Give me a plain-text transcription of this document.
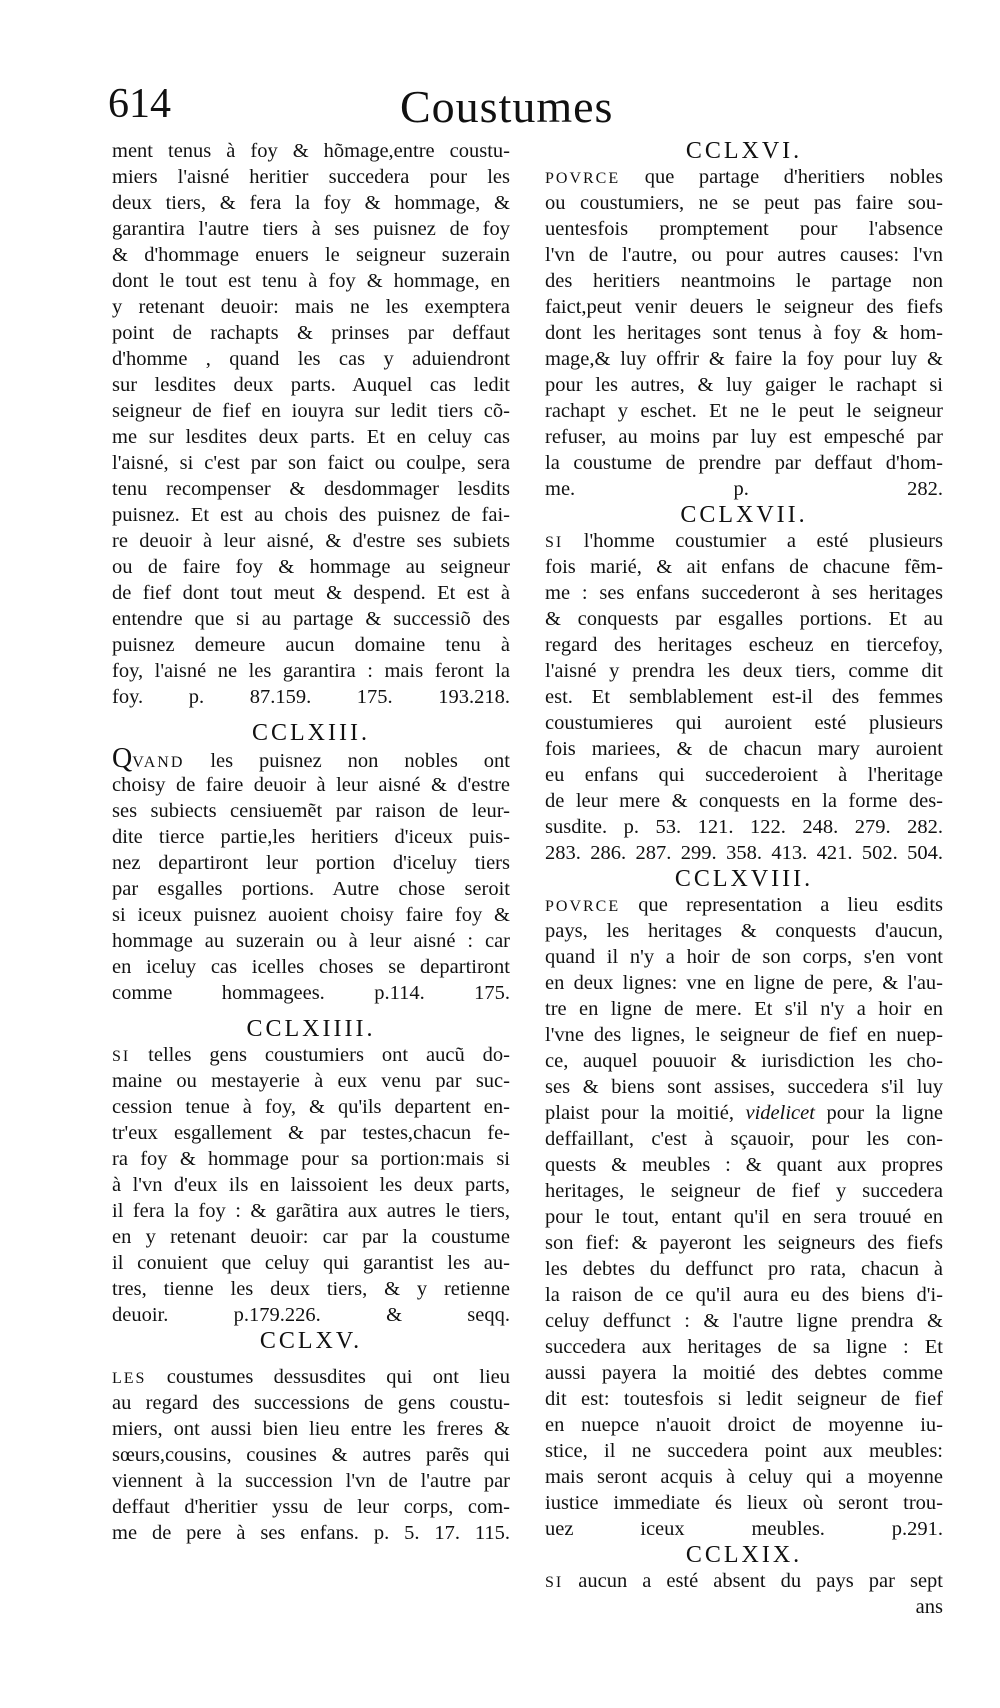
614	Coustumes
ment tenus à foy & hõmage,entre coustu-
miers l'aisné heritier succedera pour les
deux tiers, & fera la foy & hommage, &
garantira l'autre tiers à ses puisnez de foy
& d'hommage enuers le seigneur suzerain
dont le tout est tenu à foy & hommage, en
y retenant deuoir: mais ne les exemptera
point de rachapts & prinses par deffaut
d'homme , quand les cas y aduiendront
sur lesdites deux parts. Auquel cas ledit
seigneur de fief en iouyra sur ledit tiers cõ-
me sur lesdites deux parts. Et en celuy cas
l'aisné, si c'est par son faict ou coulpe, sera
tenu recompenser & desdommager lesdits
puisnez. Et est au chois des puisnez de fai-
re deuoir à leur aisné, & d'estre ses subiets
ou de faire foy & hommage au seigneur
de fief dont tout meut & despend. Et est à
entendre que si au partage & successiõ des
puisnez demeure aucun domaine tenu à
foy, l'aisné ne les garantira : mais feront la
foy. p. 87.159. 175. 193.218.
CCLXIII.
QVAND les puisnez non nobles ont
choisy de faire deuoir à leur aisné & d'estre
ses subiects censiuemẽt par raison de leur-
dite tierce partie,les heritiers d'iceux puis-
nez departiront leur portion d'iceluy tiers
par esgalles portions. Autre chose seroit
si iceux puisnez auoient choisy faire foy &
hommage au suzerain ou à leur aisné : car
en iceluy cas icelles choses se departiront
comme hommagees. p.114. 175.
CCLXIIII.
SI telles gens coustumiers ont aucũ do-
maine ou mestayerie à eux venu par suc-
cession tenue à foy, & qu'ils departent en-
tr'eux esgallement & par testes,chacun fe-
ra foy & hommage pour sa portion:mais si
à l'vn d'eux ils en laissoient les deux parts,
il fera la foy : & garãtira aux autres le tiers,
en y retenant deuoir: car par la coustume
il conuient que celuy qui garantist les au-
tres, tienne les deux tiers, & y retienne
deuoir.	p.179.226. & seqq.
CCLXV.
LES coustumes dessusdites qui ont lieu
au regard des successions de gens coustu-
miers, ont aussi bien lieu entre les freres &
sœurs,cousins, cousines & autres parẽs qui
viennent à la succession l'vn de l'autre par
deffaut d'heritier yssu de leur corps, com-
me de pere à ses enfans. p. 5. 17. 115.
CCLXVI.
POVRCE que partage d'heritiers nobles
ou coustumiers, ne se peut pas faire sou-
uentesfois promptement pour l'absence
l'vn de l'autre, ou pour autres causes: l'vn
des heritiers neantmoins le partage non
faict,peut venir deuers le seigneur des fiefs
dont les heritages sont tenus à foy & hom-
mage,& luy offrir & faire la foy pour luy &
pour les autres, & luy gaiger le rachapt si
rachapt y eschet. Et ne le peut le seigneur
refuser, au moins par luy est empesché par
la coustume de prendre par deffaut d'hom-
me.	p. 282.
CCLXVII.
SI l'homme coustumier a esté plusieurs
fois marié, & ait enfans de chacune fẽm-
me : ses enfans succederont à ses heritages
& conquests par esgalles portions. Et au
regard des heritages escheuz en tiercefoy,
l'aisné y prendra les deux tiers, comme dit
est. Et semblablement est-il des femmes
coustumieres qui auroient esté plusieurs
fois mariees, & de chacun mary auroient
eu enfans qui succederoient à l'heritage
de leur mere & conquests en la forme des-
susdite. p. 53. 121. 122. 248. 279. 282.
283. 286. 287. 299. 358. 413. 421. 502. 504.
CCLXVIII.
POVRCE que representation a lieu esdits
pays, les heritages & conquests d'aucun,
quand il n'y a hoir de son corps, s'en vont
en deux lignes: vne en ligne de pere, & l'au-
tre en ligne de mere. Et s'il n'y a hoir en
l'vne des lignes, le seigneur de fief en nuep-
ce, auquel pouuoir & iurisdiction les cho-
ses & biens sont assises, succedera s'il luy
plaist pour la moitié, videlicet pour la ligne
deffaillant, c'est à sçauoir, pour les con-
quests & meubles : & quant aux propres
heritages, le seigneur de fief y succedera
pour le tout, entant qu'il en sera trouué en
son fief: & payeront les seigneurs des fiefs
les debtes du deffunct pro rata, chacun à
la raison de ce qu'il aura eu des biens d'i-
celuy deffunct : & l'autre ligne prendra &
succedera aux heritages de sa ligne : Et
aussi payera la moitié des debtes comme
dit est: toutesfois si ledit seigneur de fief
en nuepce n'auoit droict de moyenne iu-
stice, il ne succedera point aux meubles:
mais seront acquis à celuy qui a moyenne
iustice immediate és lieux où seront trou-
uez iceux meubles.	p.291.
CCLXIX.
SI aucun a esté absent du pays par sept
ans
